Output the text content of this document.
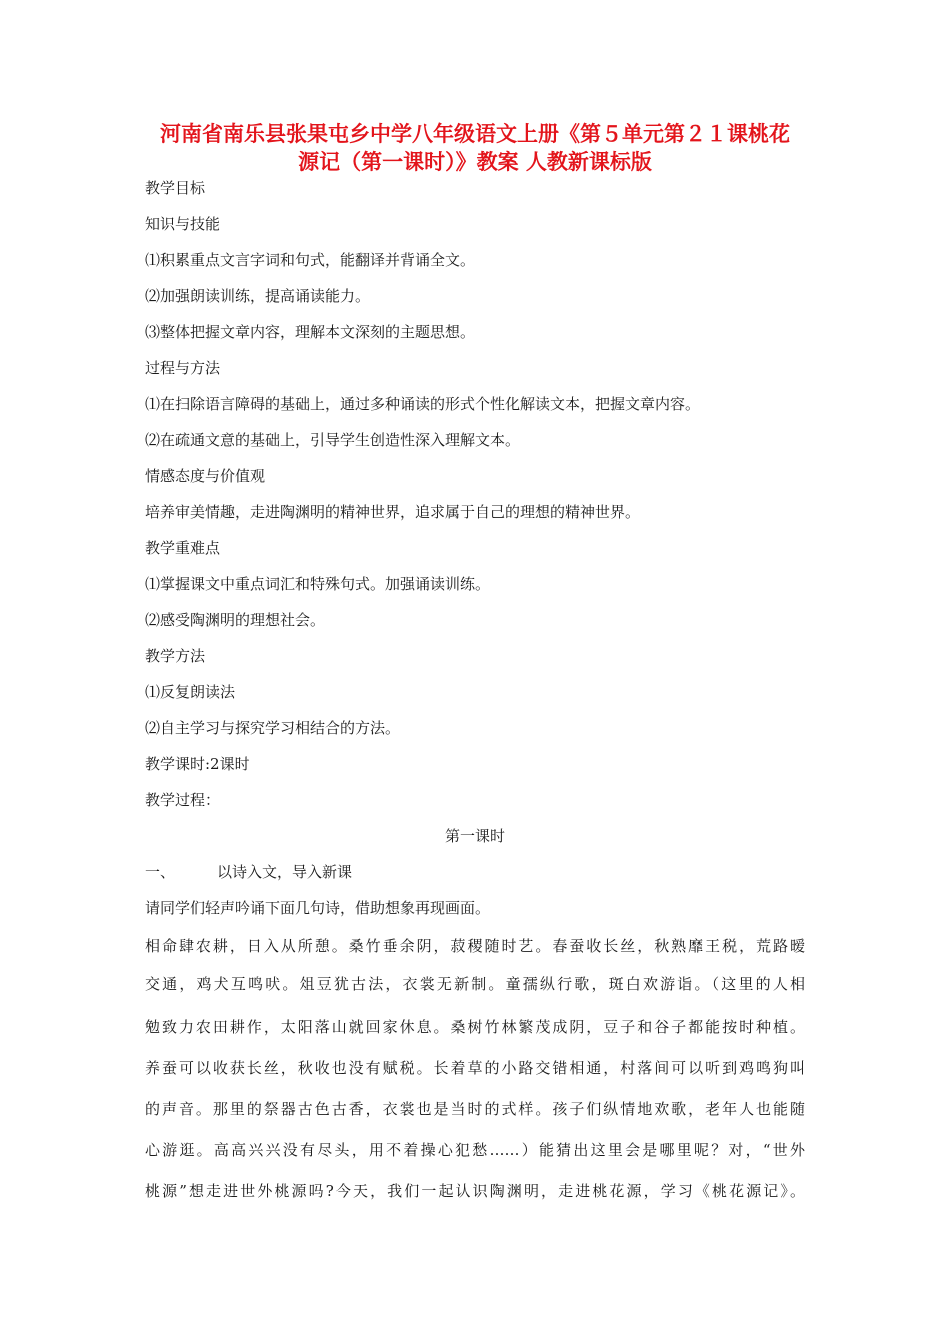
河南省南乐县张果屯乡中学八年级语文上册《第５单元第２１课桃花
源记（第一课时）》教案 人教新课标版
教学目标
知识与技能
⑴积累重点文言字词和句式，能翻译并背诵全文。
⑵加强朗读训练，提高诵读能力。
⑶整体把握文章内容，理解本文深刻的主题思想。
过程与方法
⑴在扫除语言障碍的基础上，通过多种诵读的形式个性化解读文本，把握文章内容。
⑵在疏通文意的基础上，引导学生创造性深入理解文本。
情感态度与价值观
培养审美情趣，走进陶渊明的精神世界，追求属于自己的理想的精神世界。
教学重难点
⑴掌握课文中重点词汇和特殊句式。加强诵读训练。
⑵感受陶渊明的理想社会。
教学方法
⑴反复朗读法
⑵自主学习与探究学习相结合的方法。
教学课时:2课时
教学过程：
第一课时
一、	以诗入文，导入新课
请同学们轻声吟诵下面几句诗，借助想象再现画面。
相命肆农耕，日入从所憩。桑竹垂余阴，菽稷随时艺。春蚕收长丝，秋熟靡王税，荒路暧
交通，鸡犬互鸣吠。俎豆犹古法，衣裳无新制。童孺纵行歌，斑白欢游诣。（这里的人相
勉致力农田耕作，太阳落山就回家休息。桑树竹林繁茂成阴，豆子和谷子都能按时种植。
养蚕可以收获长丝，秋收也没有赋税。长着草的小路交错相通，村落间可以听到鸡鸣狗叫
的声音。那里的祭器古色古香，衣裳也是当时的式样。孩子们纵情地欢歌，老年人也能随
心游逛。高高兴兴没有尽头，用不着操心犯愁……）能猜出这里会是哪里呢？对，“世外
桃源”想走进世外桃源吗?今天，我们一起认识陶渊明，走进桃花源，学习《桃花源记》。
